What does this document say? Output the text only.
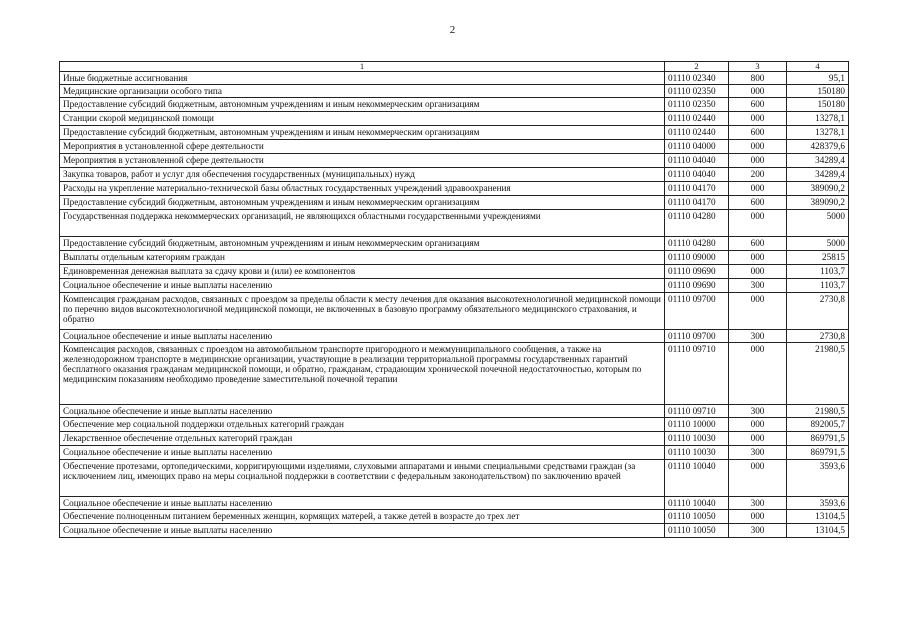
2
1	2	3	4
Иные бюджетные ассигнования	01110 02340	800	95,1
Медицинские организации особого типа	01110 02350	000	150180
Предоставление субсидий бюджетным, автономным учреждениям и иным некоммерческим организациям	01110 02350	600	150180
Станции скорой медицинской помощи	01110 02440	000	13278,1
Предоставление субсидий бюджетным, автономным учреждениям и иным некоммерческим организациям	01110 02440	600	13278,1
Мероприятия в установленной сфере деятельности	01110 04000	000	428379,6
Мероприятия в установленной сфере деятельности	01110 04040	000	34289,4
Закупка товаров, работ и услуг для обеспечения государственных (муниципальных) нужд	01110 04040	200	34289,4
Расходы на укрепление материально-технической базы областных государственных учреждений здравоохранения	01110 04170	000	389090,2
Предоставление субсидий бюджетным, автономным учреждениям и иным некоммерческим организациям	01110 04170	600	389090,2
Государственная поддержка некоммерческих организаций, не являющихся областными государственными учреждениями	01110 04280	000	5000
Предоставление субсидий бюджетным, автономным учреждениям и иным некоммерческим организациям	01110 04280	600	5000
Выплаты отдельным категориям граждан	01110 09000	000	25815
Единовременная денежная выплата за сдачу крови и (или) ее компонентов	01110 09690	000	1103,7
Социальное обеспечение и иные выплаты населению	01110 09690	300	1103,7
Компенсация гражданам расходов, связанных с проездом за пределы области к месту лечения для оказания высокотехнологичной медицинской помощи по перечню видов высокотехнологичной медицинской помощи, не включенных в базовую программу обязательного медицинского страхования, и обратно	01110 09700	000	2730,8
Социальное обеспечение и иные выплаты населению	01110 09700	300	2730,8
Компенсация расходов, связанных с проездом на автомобильном транспорте пригородного и межмуниципального сообщения, а также на железнодорожном транспорте в медицинские организации, участвующие в реализации территориальной программы государственных гарантий бесплатного оказания гражданам медицинской помощи, и обратно, гражданам, страдающим хронической почечной недостаточностью, которым по медицинским показаниям необходимо проведение заместительной почечной терапии	01110 09710	000	21980,5
Социальное обеспечение и иные выплаты населению	01110 09710	300	21980,5
Обеспечение мер социальной поддержки отдельных категорий граждан	01110 10000	000	892005,7
Лекарственное обеспечение отдельных категорий граждан	01110 10030	000	869791,5
Социальное обеспечение и иные выплаты населению	01110 10030	300	869791,5
Обеспечение протезами, ортопедическими, корригирующими изделиями, слуховыми аппаратами и иными специальными средствами граждан (за исключением лиц, имеющих право на меры социальной поддержки в соответствии с федеральным законодательством) по заключению врачей	01110 10040	000	3593,6
Социальное обеспечение и иные выплаты населению	01110 10040	300	3593,6
Обеспечение полноценным питанием беременных женщин, кормящих матерей, а также детей в возрасте до трех лет	01110 10050	000	13104,5
Социальное обеспечение и иные выплаты населению	01110 10050	300	13104,5
